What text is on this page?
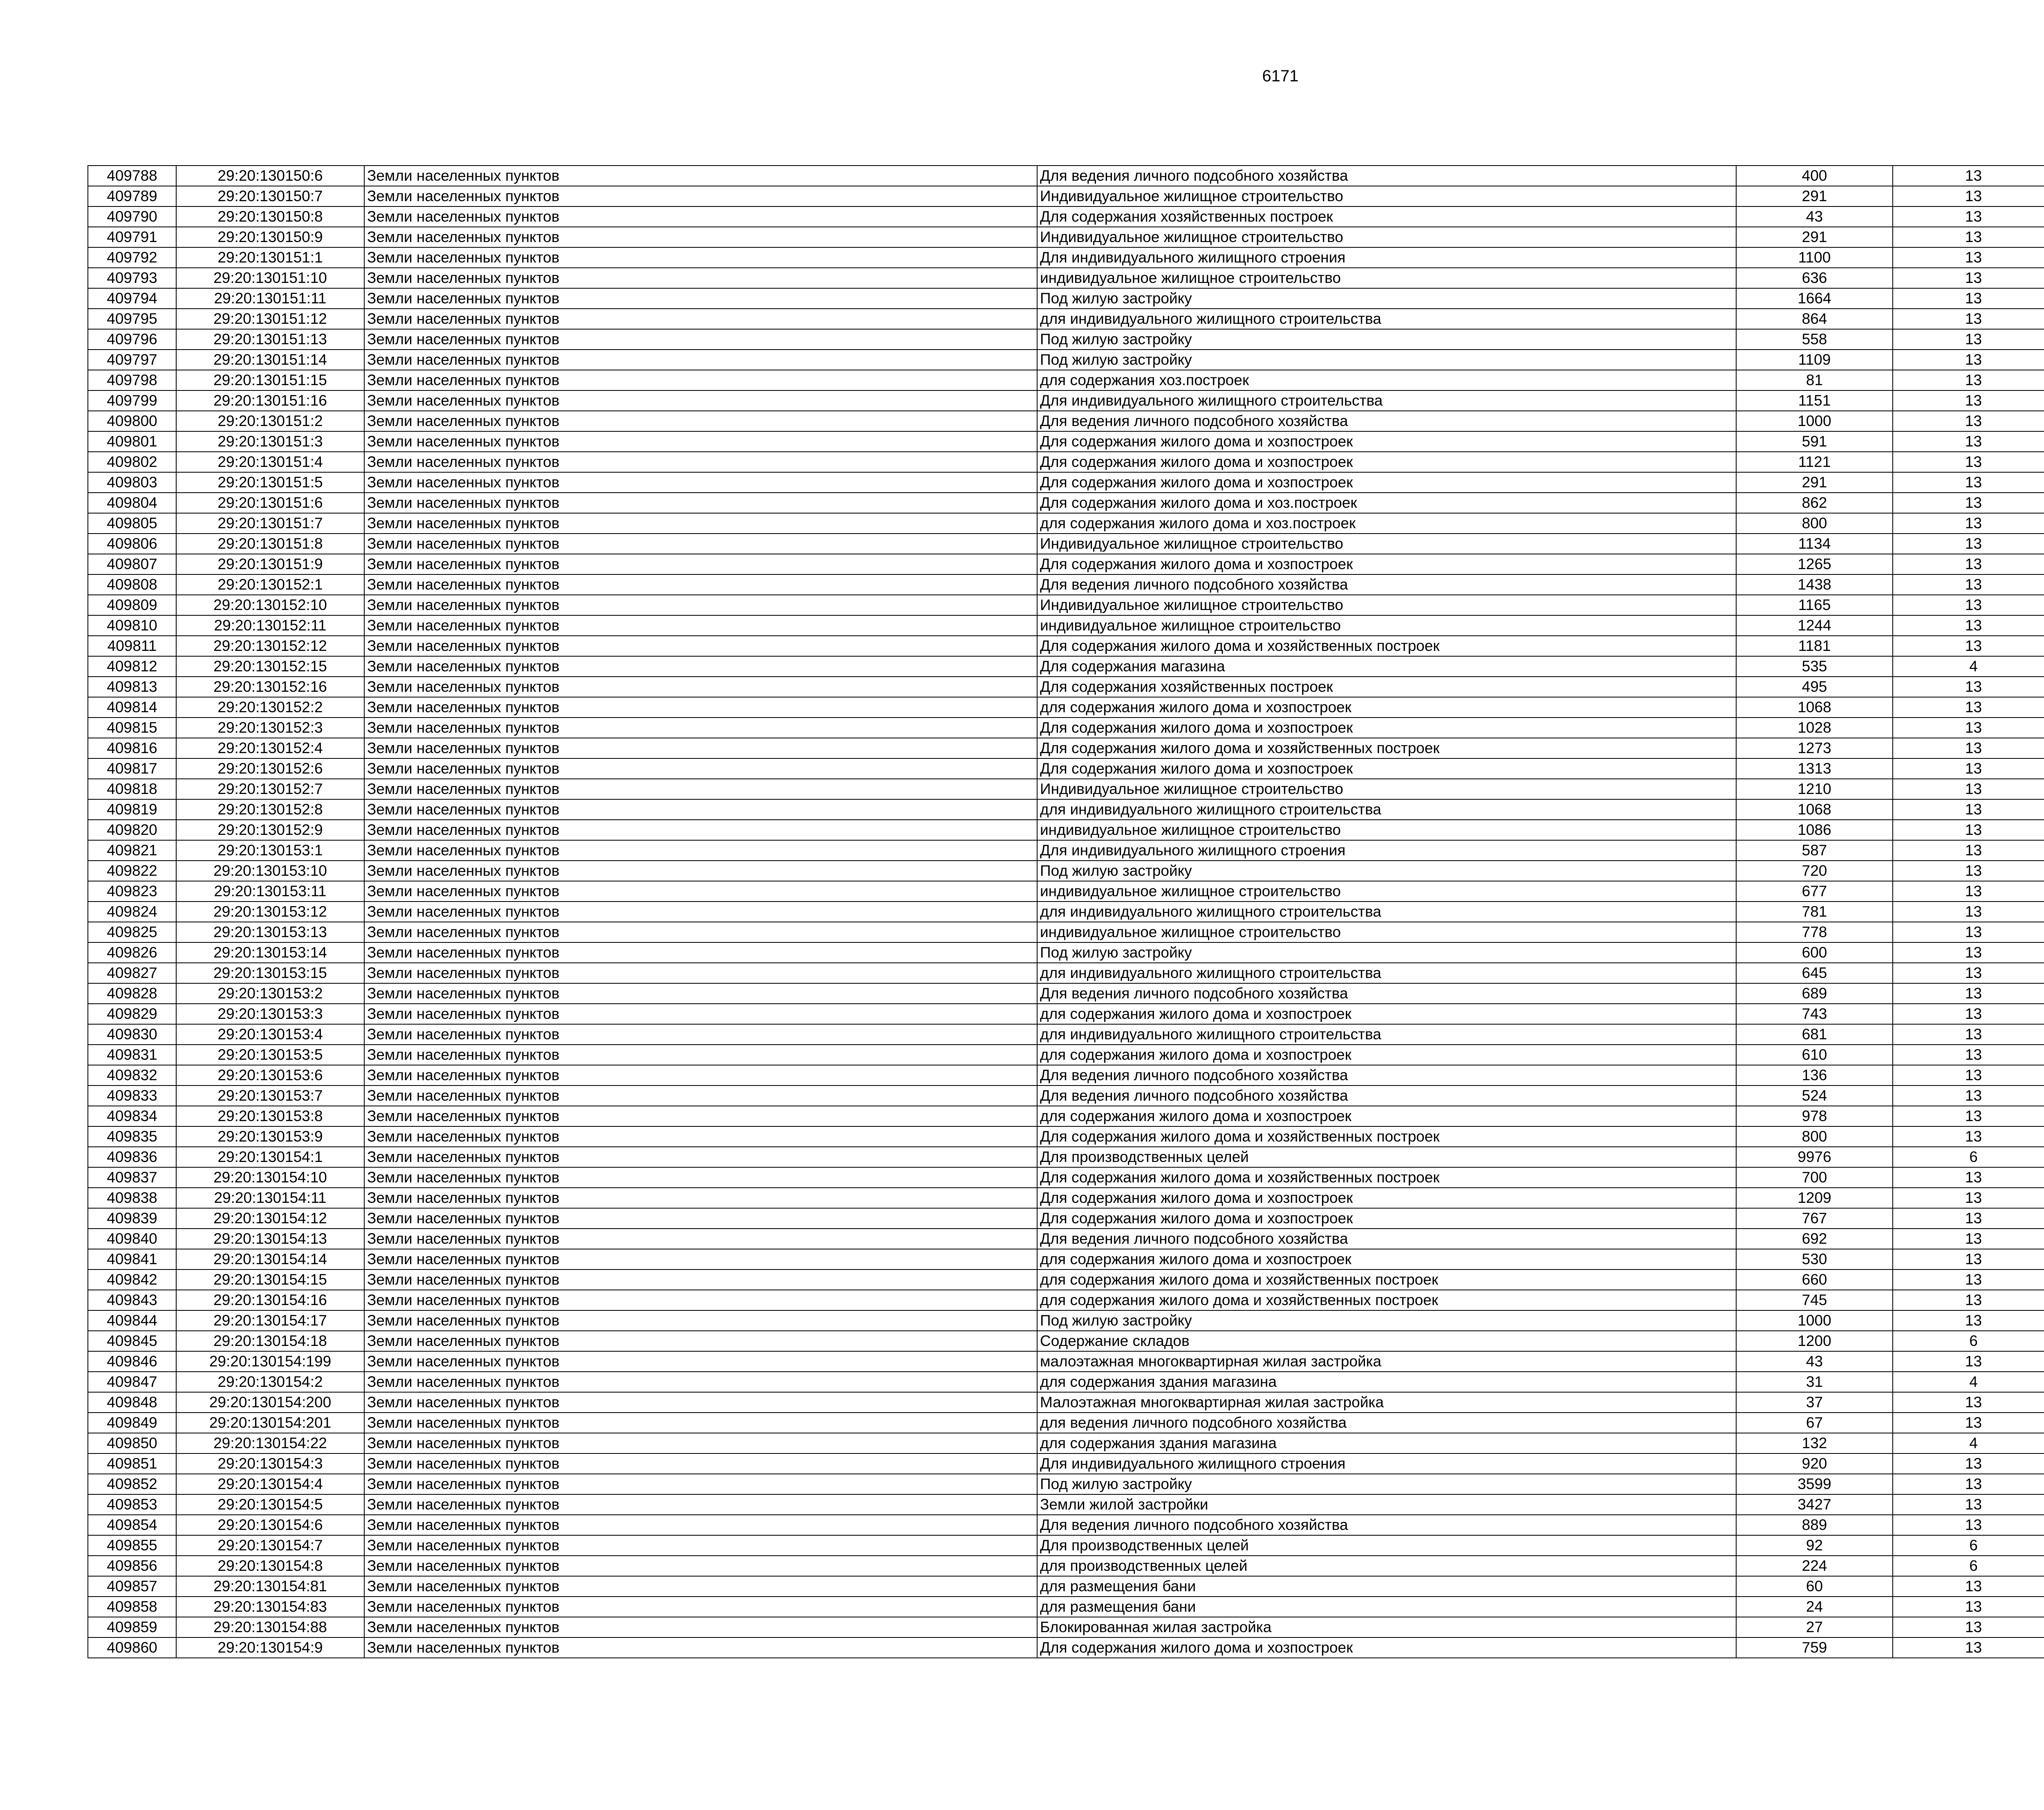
6171
409788	29:20:130150:6	Земли населенных пунктов	Для ведения личного подсобного хозяйства	400	13		
409789	29:20:130150:7	Земли населенных пунктов	Индивидуальное жилищное строительство	291	13		
409790	29:20:130150:8	Земли населенных пунктов	Для содержания хозяйственных построек	43	13		
409791	29:20:130150:9	Земли населенных пунктов	Индивидуальное жилищное строительство	291	13		
409792	29:20:130151:1	Земли населенных пунктов	Для индивидуального жилищного строения	1100	13		
409793	29:20:130151:10	Земли населенных пунктов	индивидуальное жилищное строительство	636	13		
409794	29:20:130151:11	Земли населенных пунктов	Под жилую застройку	1664	13		
409795	29:20:130151:12	Земли населенных пунктов	для индивидуального жилищного строительства	864	13		
409796	29:20:130151:13	Земли населенных пунктов	Под жилую застройку	558	13		
409797	29:20:130151:14	Земли населенных пунктов	Под жилую застройку	1109	13		
409798	29:20:130151:15	Земли населенных пунктов	для содержания хоз.построек	81	13		
409799	29:20:130151:16	Земли населенных пунктов	Для индивидуального жилищного строительства	1151	13		
409800	29:20:130151:2	Земли населенных пунктов	Для ведения личного подсобного хозяйства	1000	13		
409801	29:20:130151:3	Земли населенных пунктов	Для содержания жилого дома и хозпостроек	591	13		
409802	29:20:130151:4	Земли населенных пунктов	Для содержания жилого дома и хозпостроек	1121	13		
409803	29:20:130151:5	Земли населенных пунктов	Для содержания жилого дома и хозпостроек	291	13		
409804	29:20:130151:6	Земли населенных пунктов	Для содержания жилого дома и хоз.построек	862	13		
409805	29:20:130151:7	Земли населенных пунктов	для содержания жилого дома и хоз.построек	800	13		
409806	29:20:130151:8	Земли населенных пунктов	Индивидуальное жилищное строительство	1134	13		
409807	29:20:130151:9	Земли населенных пунктов	Для содержания жилого дома и хозпостроек	1265	13		
409808	29:20:130152:1	Земли населенных пунктов	Для ведения личного подсобного хозяйства	1438	13		
409809	29:20:130152:10	Земли населенных пунктов	Индивидуальное жилищное строительство	1165	13		
409810	29:20:130152:11	Земли населенных пунктов	индивидуальное жилищное строительство	1244	13		
409811	29:20:130152:12	Земли населенных пунктов	Для содержания жилого дома и хозяйственных построек	1181	13		
409812	29:20:130152:15	Земли населенных пунктов	Для содержания магазина	535	4		
409813	29:20:130152:16	Земли населенных пунктов	Для содержания хозяйственных построек	495	13		
409814	29:20:130152:2	Земли населенных пунктов	для содержания жилого дома и хозпостроек	1068	13		
409815	29:20:130152:3	Земли населенных пунктов	Для содержания жилого дома и хозпостроек	1028	13		
409816	29:20:130152:4	Земли населенных пунктов	Для содержания жилого дома и хозяйственных построек	1273	13		
409817	29:20:130152:6	Земли населенных пунктов	Для содержания жилого дома и хозпостроек	1313	13		
409818	29:20:130152:7	Земли населенных пунктов	Индивидуальное жилищное строительство	1210	13		
409819	29:20:130152:8	Земли населенных пунктов	для индивидуального жилищного строительства	1068	13		
409820	29:20:130152:9	Земли населенных пунктов	индивидуальное жилищное строительство	1086	13		
409821	29:20:130153:1	Земли населенных пунктов	Для индивидуального жилищного строения	587	13		
409822	29:20:130153:10	Земли населенных пунктов	Под жилую застройку	720	13		
409823	29:20:130153:11	Земли населенных пунктов	индивидуальное жилищное строительство	677	13		
409824	29:20:130153:12	Земли населенных пунктов	для индивидуального жилищного строительства	781	13		
409825	29:20:130153:13	Земли населенных пунктов	индивидуальное жилищное строительство	778	13		
409826	29:20:130153:14	Земли населенных пунктов	Под жилую застройку	600	13		
409827	29:20:130153:15	Земли населенных пунктов	для индивидуального жилищного строительства	645	13		
409828	29:20:130153:2	Земли населенных пунктов	Для ведения личного подсобного хозяйства	689	13		
409829	29:20:130153:3	Земли населенных пунктов	для содержания жилого дома и хозпостроек	743	13		
409830	29:20:130153:4	Земли населенных пунктов	для индивидуального жилищного строительства	681	13		
409831	29:20:130153:5	Земли населенных пунктов	для содержания жилого дома и хозпостроек	610	13		
409832	29:20:130153:6	Земли населенных пунктов	Для ведения личного подсобного хозяйства	136	13		
409833	29:20:130153:7	Земли населенных пунктов	Для ведения личного подсобного хозяйства	524	13		
409834	29:20:130153:8	Земли населенных пунктов	для содержания жилого дома и хозпостроек	978	13		
409835	29:20:130153:9	Земли населенных пунктов	Для содержания жилого дома и хозяйственных построек	800	13		
409836	29:20:130154:1	Земли населенных пунктов	Для производственных целей	9976	6		
409837	29:20:130154:10	Земли населенных пунктов	Для содержания жилого дома и хозяйственных построек	700	13		
409838	29:20:130154:11	Земли населенных пунктов	Для содержания жилого дома и хозпостроек	1209	13		
409839	29:20:130154:12	Земли населенных пунктов	Для содержания жилого дома и хозпостроек	767	13		
409840	29:20:130154:13	Земли населенных пунктов	Для ведения личного подсобного хозяйства	692	13		
409841	29:20:130154:14	Земли населенных пунктов	для содержания жилого дома и хозпостроек	530	13		
409842	29:20:130154:15	Земли населенных пунктов	для содержания жилого дома и хозяйственных построек	660	13		
409843	29:20:130154:16	Земли населенных пунктов	для содержания жилого дома и хозяйственных построек	745	13		
409844	29:20:130154:17	Земли населенных пунктов	Под жилую застройку	1000	13		
409845	29:20:130154:18	Земли населенных пунктов	Содержание складов	1200	6		
409846	29:20:130154:199	Земли населенных пунктов	малоэтажная многоквартирная жилая застройка	43	13		
409847	29:20:130154:2	Земли населенных пунктов	для содержания здания магазина	31	4		
409848	29:20:130154:200	Земли населенных пунктов	Малоэтажная многоквартирная жилая застройка	37	13		
409849	29:20:130154:201	Земли населенных пунктов	для ведения личного подсобного хозяйства	67	13		
409850	29:20:130154:22	Земли населенных пунктов	для содержания здания магазина	132	4		
409851	29:20:130154:3	Земли населенных пунктов	Для индивидуального жилищного строения	920	13		
409852	29:20:130154:4	Земли населенных пунктов	Под жилую застройку	3599	13		
409853	29:20:130154:5	Земли населенных пунктов	Земли жилой застройки	3427	13		
409854	29:20:130154:6	Земли населенных пунктов	Для ведения личного подсобного хозяйства	889	13		
409855	29:20:130154:7	Земли населенных пунктов	Для производственных целей	92	6		
409856	29:20:130154:8	Земли населенных пунктов	для производственных целей	224	6		
409857	29:20:130154:81	Земли населенных пунктов	для размещения бани	60	13		
409858	29:20:130154:83	Земли населенных пунктов	для размещения бани	24	13		
409859	29:20:130154:88	Земли населенных пунктов	Блокированная жилая застройка	27	13		
409860	29:20:130154:9	Земли населенных пунктов	Для содержания жилого дома и хозпостроек	759	13		
